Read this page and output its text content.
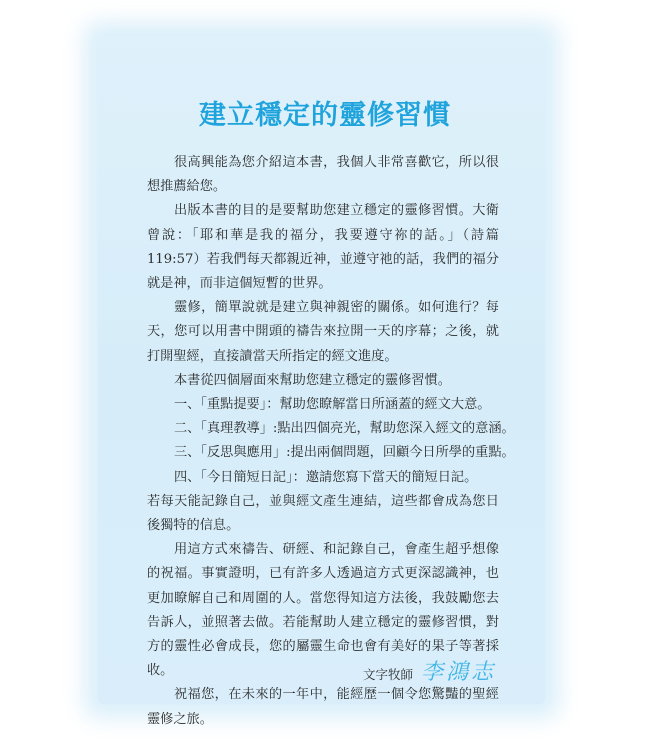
建立穩定的靈修習慣

很高興能為您介紹這本書，我個人非常喜歡它，所以很想推薦給您。

出版本書的目的是要幫助您建立穩定的靈修習慣。大衛曾說：「耶和華是我的福分，我要遵守祢的話。」（詩篇119:57）若我們每天都親近神，並遵守祂的話，我們的福分就是神，而非這個短暫的世界。

靈修，簡單說就是建立與神親密的關係。如何進行？每天，您可以用書中開頭的禱告來拉開一天的序幕；之後，就打開聖經，直接讀當天所指定的經文進度。

本書從四個層面來幫助您建立穩定的靈修習慣。

一、「重點提要」：幫助您瞭解當日所涵蓋的經文大意。

二、「真理教導」:點出四個亮光，幫助您深入經文的意涵。

三、「反思與應用」:提出兩個問題，回顧今日所學的重點。

四、「今日簡短日記」：邀請您寫下當天的簡短日記。

若每天能記錄自己，並與經文產生連結，這些都會成為您日後獨特的信息。

用這方式來禱告、研經、和記錄自己，會產生超乎想像的祝福。事實證明，已有許多人透過這方式更深認識神，也更加瞭解自己和周圍的人。當您得知這方法後，我鼓勵您去告訴人，並照著去做。若能幫助人建立穩定的靈修習慣，對方的靈性必會成長，您的屬靈生命也會有美好的果子等著採收。

祝福您，在未來的一年中，能經歷一個令您驚豔的聖經靈修之旅。

文字牧師 李鴻志
